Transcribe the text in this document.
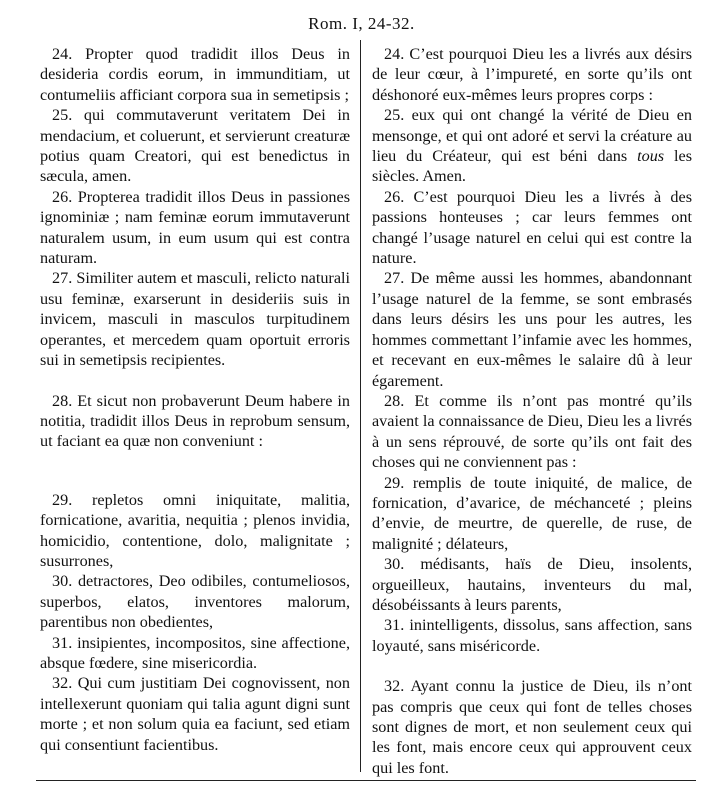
Rom. I, 24-32.

24. Propter quod tradidit illos Deus in desideria cordis eorum, in immunditiam, ut contumeliis afficiant corpora sua in semetipsis ;

25. qui commutaverunt veritatem Dei in mendacium, et coluerunt, et servierunt creaturæ potius quam Creatori, qui est benedictus in sæcula, amen.

26. Propterea tradidit illos Deus in passiones ignominiæ ; nam feminæ eorum immutaverunt naturalem usum, in eum usum qui est contra naturam.

27. Similiter autem et masculi, relicto naturali usu feminæ, exarserunt in desideriis suis in invicem, masculi in masculos turpitudinem operantes, et mercedem quam oportuit erroris sui in semetipsis recipientes.

28. Et sicut non probaverunt Deum habere in notitia, tradidit illos Deus in reprobum sensum, ut faciant ea quæ non conveniunt :

29. repletos omni iniquitate, malitia, fornicatione, avaritia, nequitia ; plenos invidia, homicidio, contentione, dolo, malignitate ; susurrones,

30. detractores, Deo odibiles, contumeliosos, superbos, elatos, inventores malorum, parentibus non obedientes,

31. insipientes, incompositos, sine affectione, absque fœdere, sine misericordia.

32. Qui cum justitiam Dei cognovissent, non intellexerunt quoniam qui talia agunt digni sunt morte ; et non solum quia ea faciunt, sed etiam qui consentiunt facientibus.

24. C’est pourquoi Dieu les a livrés aux désirs de leur cœur, à l’impureté, en sorte qu’ils ont déshonoré eux-mêmes leurs propres corps :

25. eux qui ont changé la vérité de Dieu en mensonge, et qui ont adoré et servi la créature au lieu du Créateur, qui est béni dans tous les siècles. Amen.

26. C’est pourquoi Dieu les a livrés à des passions honteuses ; car leurs femmes ont changé l’usage naturel en celui qui est contre la nature.

27. De même aussi les hommes, abandonnant l’usage naturel de la femme, se sont embrasés dans leurs désirs les uns pour les autres, les hommes commettant l’infamie avec les hommes, et recevant en eux-mêmes le salaire dû à leur égarement.

28. Et comme ils n’ont pas montré qu’ils avaient la connaissance de Dieu, Dieu les a livrés à un sens réprouvé, de sorte qu’ils ont fait des choses qui ne conviennent pas :

29. remplis de toute iniquité, de malice, de fornication, d’avarice, de méchanceté ; pleins d’envie, de meurtre, de querelle, de ruse, de malignité ; délateurs,

30. médisants, haïs de Dieu, insolents, orgueilleux, hautains, inventeurs du mal, désobéissants à leurs parents,

31. inintelligents, dissolus, sans affection, sans loyauté, sans miséricorde.

32. Ayant connu la justice de Dieu, ils n’ont pas compris que ceux qui font de telles choses sont dignes de mort, et non seulement ceux qui les font, mais encore ceux qui approuvent ceux qui les font.
